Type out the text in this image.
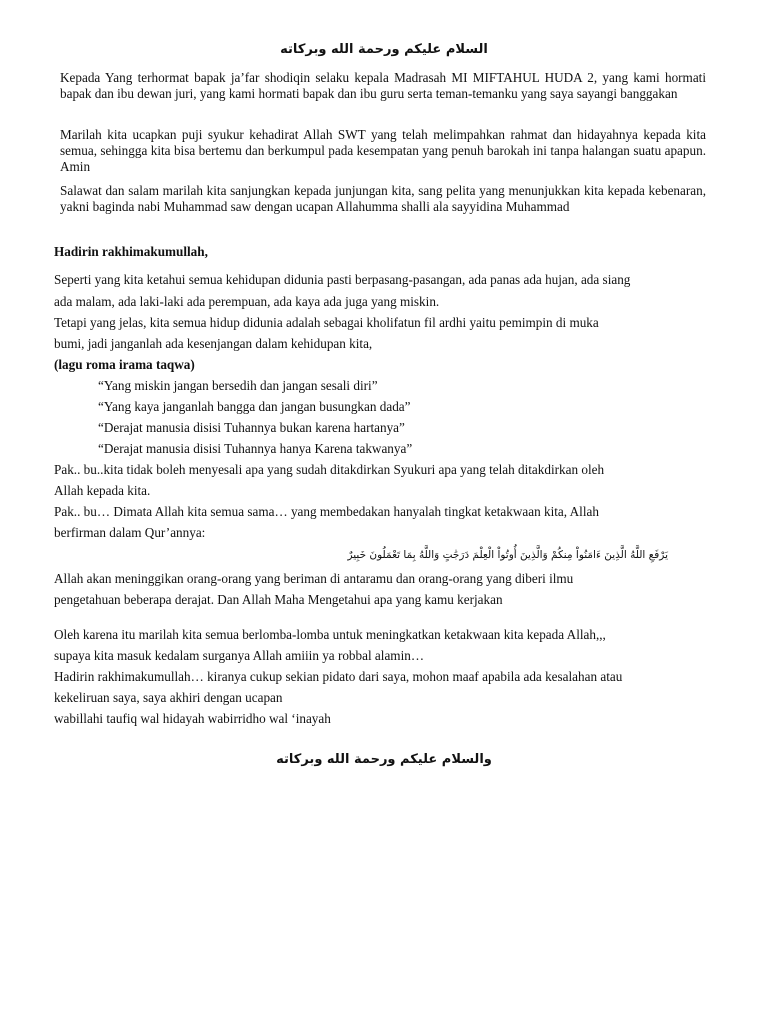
السلام عليكم ورحمة الله وبركاته

Kepada Yang terhormat bapak ja’far shodiqin selaku kepala Madrasah MI MIFTAHUL HUDA 2, yang kami hormati bapak dan ibu dewan juri, yang kami hormati bapak dan ibu guru serta teman-temanku yang saya sayangi banggakan

Marilah kita ucapkan puji syukur kehadirat Allah SWT yang telah melimpahkan rahmat dan hidayahnya kepada kita semua, sehingga kita bisa bertemu dan berkumpul pada kesempatan yang penuh barokah ini tanpa halangan suatu apapun. Amin

Salawat dan salam marilah kita sanjungkan kepada junjungan kita, sang pelita yang menunjukkan kita kepada kebenaran, yakni baginda nabi Muhammad saw dengan ucapan Allahumma shalli ala sayyidina Muhammad

Hadirin rakhimakumullah,

Seperti yang kita ketahui semua kehidupan didunia pasti berpasang-pasangan, ada panas ada hujan, ada siang

ada malam, ada laki-laki ada perempuan, ada kaya ada juga yang miskin.

Tetapi yang jelas, kita semua hidup didunia adalah sebagai kholifatun fil ardhi yaitu pemimpin di muka

bumi, jadi janganlah ada kesenjangan dalam kehidupan kita,

(lagu roma irama taqwa)

“Yang miskin jangan bersedih dan jangan sesali diri”

“Yang kaya janganlah bangga dan jangan busungkan dada”

“Derajat manusia disisi Tuhannya bukan karena hartanya”

“Derajat manusia disisi Tuhannya hanya Karena takwanya”

Pak.. bu..kita tidak boleh menyesali apa yang sudah ditakdirkan Syukuri apa yang telah ditakdirkan oleh

Allah kepada kita.

Pak.. bu… Dimata Allah kita semua sama… yang membedakan hanyalah tingkat ketakwaan kita, Allah

berfirman dalam Qur’annya:

يَرْفَعِ اللَّهُ الَّذِينَ ءَامَنُواْ مِنكُمْ وَالَّذِينَ أُوتُواْ الْعِلْمَ دَرَجَٰتٍ وَاللَّهُ بِمَا تَعْمَلُونَ خَبِيرٌ

Allah akan meninggikan orang-orang yang beriman di antaramu dan orang-orang yang diberi ilmu

pengetahuan beberapa derajat. Dan Allah Maha Mengetahui apa yang kamu kerjakan

Oleh karena itu marilah kita semua berlomba-lomba untuk meningkatkan ketakwaan kita kepada Allah,,,

supaya kita masuk kedalam surganya Allah amiiin ya robbal alamin…

Hadirin rakhimakumullah… kiranya cukup sekian pidato dari saya, mohon maaf apabila ada kesalahan atau

kekeliruan saya, saya akhiri dengan ucapan

wabillahi taufiq wal hidayah wabirridho wal ‘inayah

والسلام عليكم ورحمة الله وبركاته
